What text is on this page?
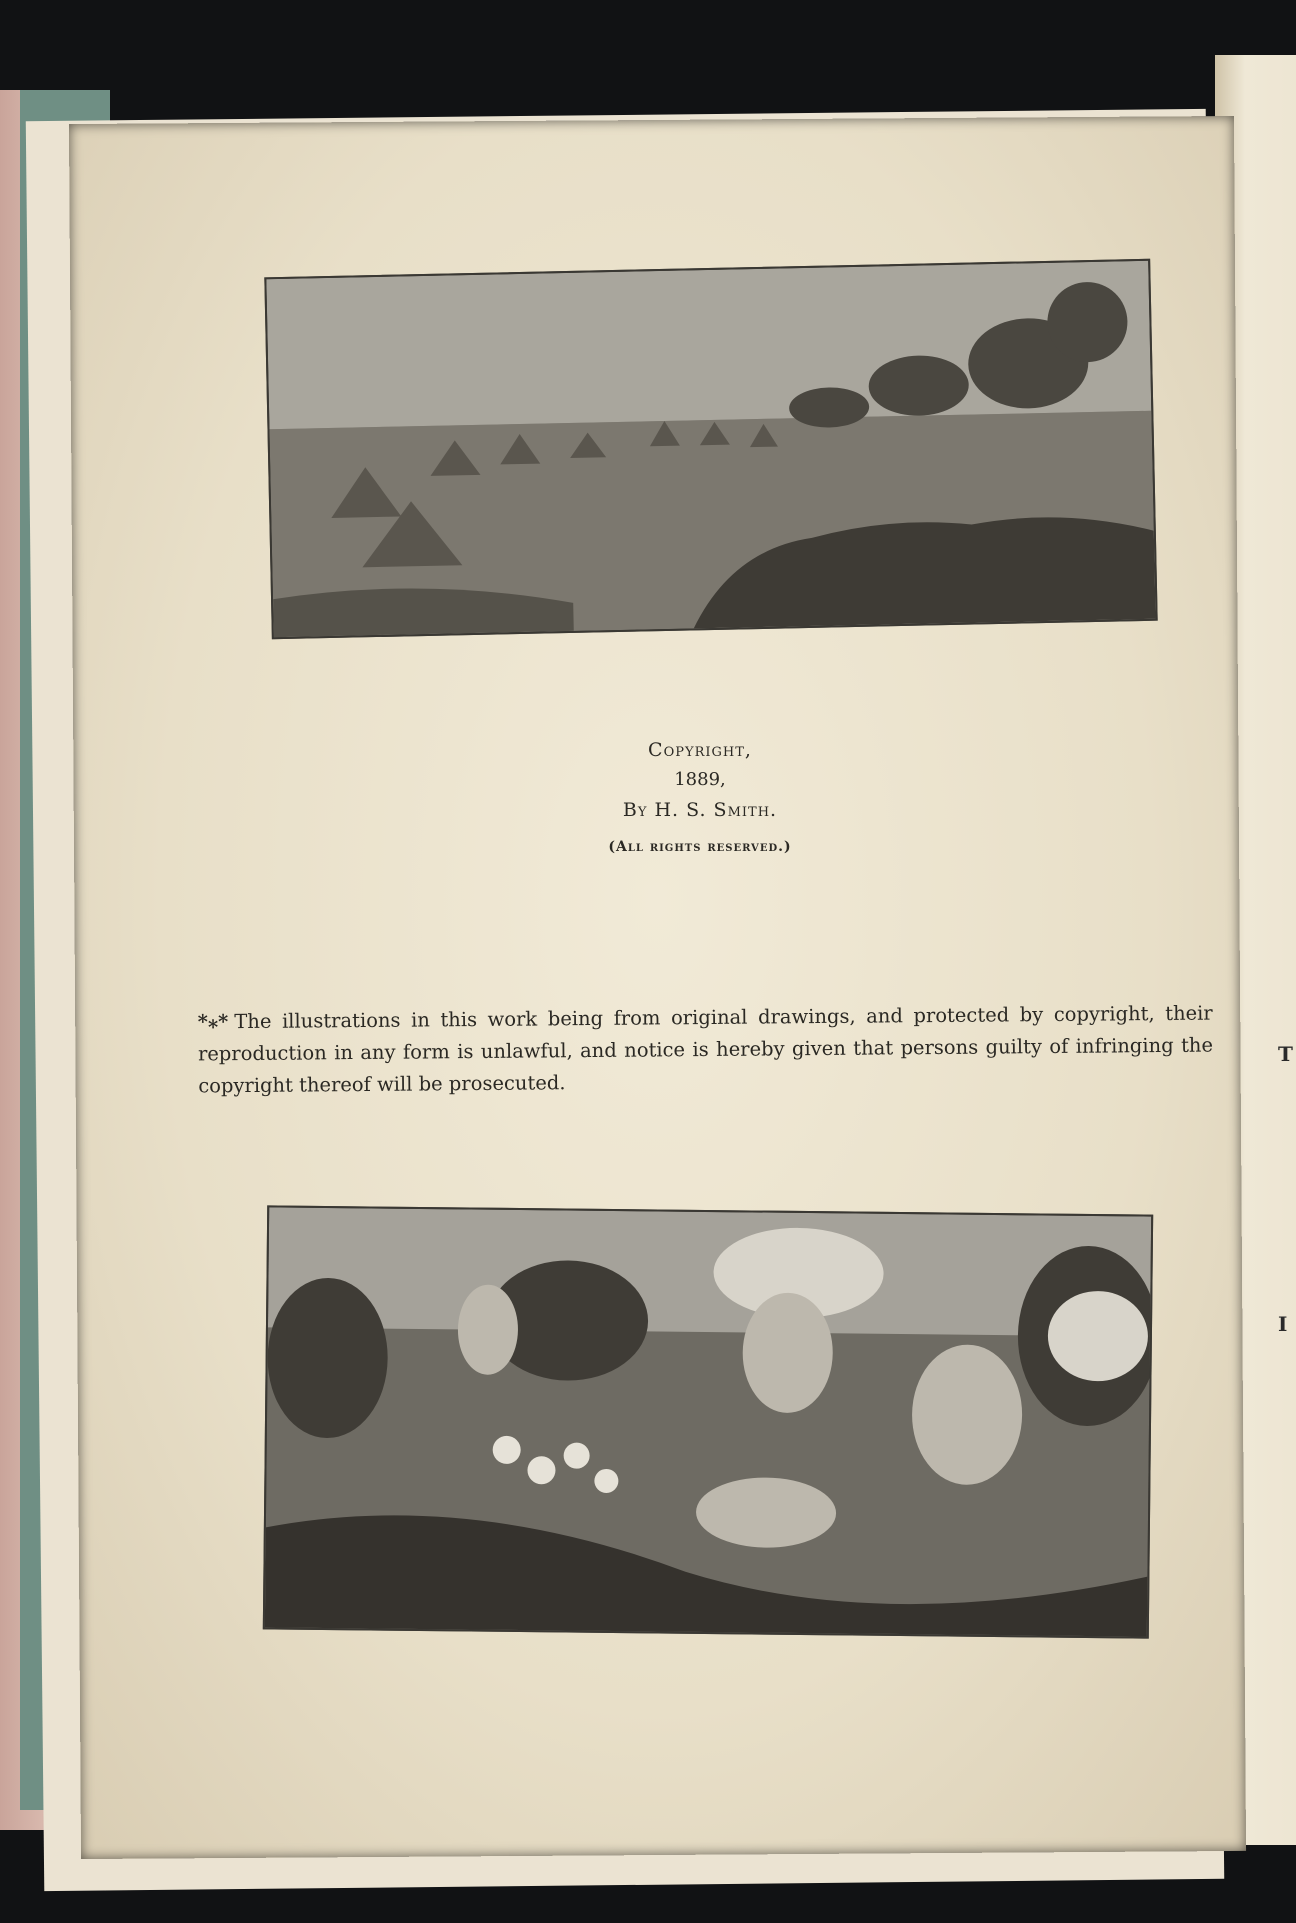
T
I
Copyright,
1889,
By H. S. Smith.
(All rights reserved.)
*⁎* The illustrations in this work being from original drawings, and protected by copyright, their reproduction in any form is unlawful, and notice is hereby given that persons guilty of infringing the copyright thereof will be prosecuted.
